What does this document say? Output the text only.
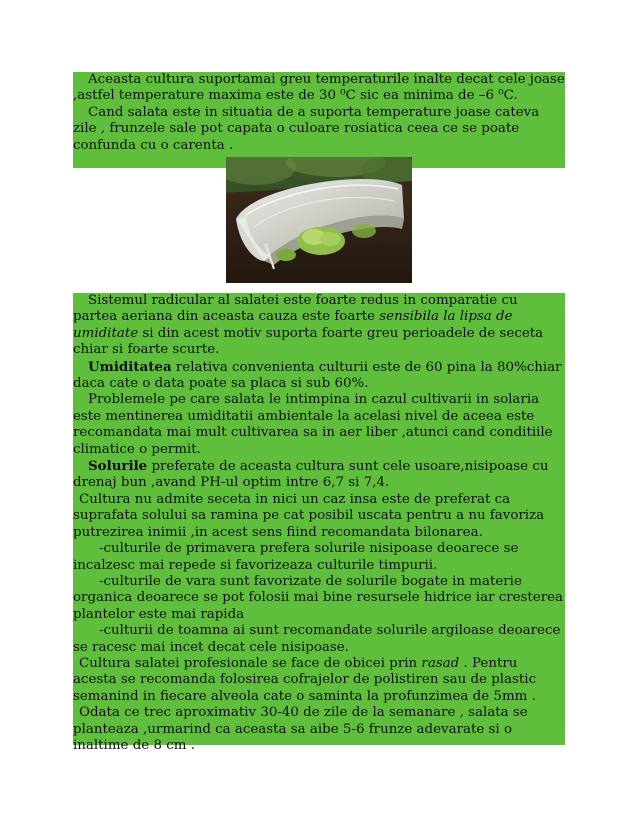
Aceasta cultura suportamai greu temperaturile inalte decat cele joase ,astfel temperature maxima este de 30 ⁰C sic ea minima de –6 ⁰C.

Cand salata este in situatia de a suporta temperature joase cateva zile , frunzele sale pot capata o culoare rosiatica ceea ce se poate confunda cu o carenta .

Sistemul radicular al salatei este foarte redus in comparatie cu partea aeriana din aceasta cauza este foarte sensibila la lipsa de umiditate si din acest motiv suporta foarte greu perioadele de seceta chiar si foarte scurte.

Umiditatea relativa convenienta culturii este de 60 pina la 80%chiar daca cate o data poate sa placa si sub 60%.

Problemele pe care salata le intimpina in cazul cultivarii in solaria este mentinerea umiditatii ambientale la acelasi nivel de aceea este recomandata mai mult cultivarea sa in aer liber ,atunci cand conditiile climatice o permit.

Solurile preferate de aceasta cultura sunt cele usoare,nisipoase cu drenaj bun ,avand PH-ul optim intre 6,7 si 7,4.

Cultura nu admite seceta in nici un caz insa este de preferat ca suprafata solului sa ramina pe cat posibil uscata pentru a nu favoriza putrezirea inimii ,in acest sens fiind recomandata bilonarea.

-culturile de primavera prefera solurile nisipoase deoarece se incalzesc mai repede si favorizeaza culturile timpurii.

-culturile de vara sunt favorizate de solurile bogate in materie organica deoarece se pot folosii mai bine resursele hidrice iar cresterea plantelor este mai rapida

-culturii de toamna ai sunt recomandate solurile argiloase deoarece se racesc mai incet decat cele nisipoase.

Cultura salatei profesionale se face de obicei prin rasad . Pentru acesta se recomanda folosirea cofrajelor de polistiren sau de plastic semanind in fiecare alveola cate o saminta la profunzimea de 5mm .

Odata ce trec aproximativ 30-40 de zile de la semanare , salata se planteaza ,urmarind ca aceasta sa aibe 5-6 frunze adevarate si o inaltime de 8 cm .
